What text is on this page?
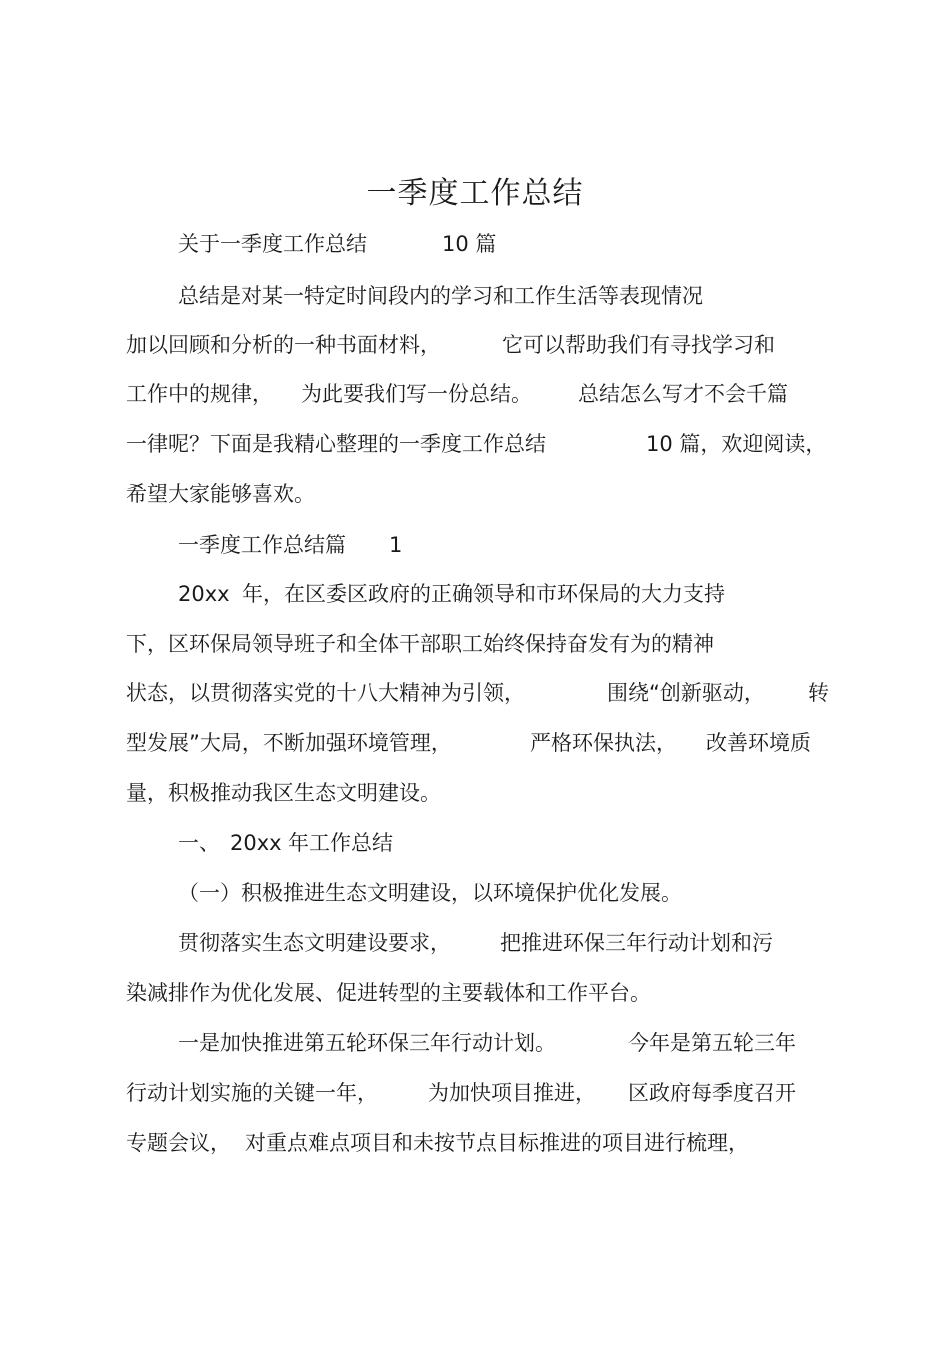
一季度工作总结

关于一季度工作总结

	10 篇

总结是对某一特定时间段内的学习和工作生活等表现情况

加以回顾和分析的一种书面材料，

	它可以帮助我们有寻找学习和

工作中的规律，

为此要我们写一份总结。

总结怎么写才不会千篇

一律呢？下面是我精心整理的一季度工作总结

	10 篇，欢迎阅读，

希望大家能够喜欢。

一季度工作总结篇

1

20xx

年，在区委区政府的正确领导和市环保局的大力支持

下，区环保局领导班子和全体干部职工始终保持奋发有为的精神

状态，以贯彻落实党的十八大精神为引领，

	围绕“创新驱动，

转

型发展”大局，不断加强环境管理，

	严格环保执法，

改善环境质

量，积极推动我区生态文明建设。

一、

20xx

年工作总结

（一）积极推进生态文明建设，以环境保护优化发展。

贯彻落实生态文明建设要求，

把推进环保三年行动计划和污

染减排作为优化发展、促进转型的主要载体和工作平台。

一是加快推进第五轮环保三年行动计划。

	今年是第五轮三年

行动计划实施的关键一年，

为加快项目推进，

区政府每季度召开

专题会议，

对重点难点项目和未按节点目标推进的项目进行梳理，
